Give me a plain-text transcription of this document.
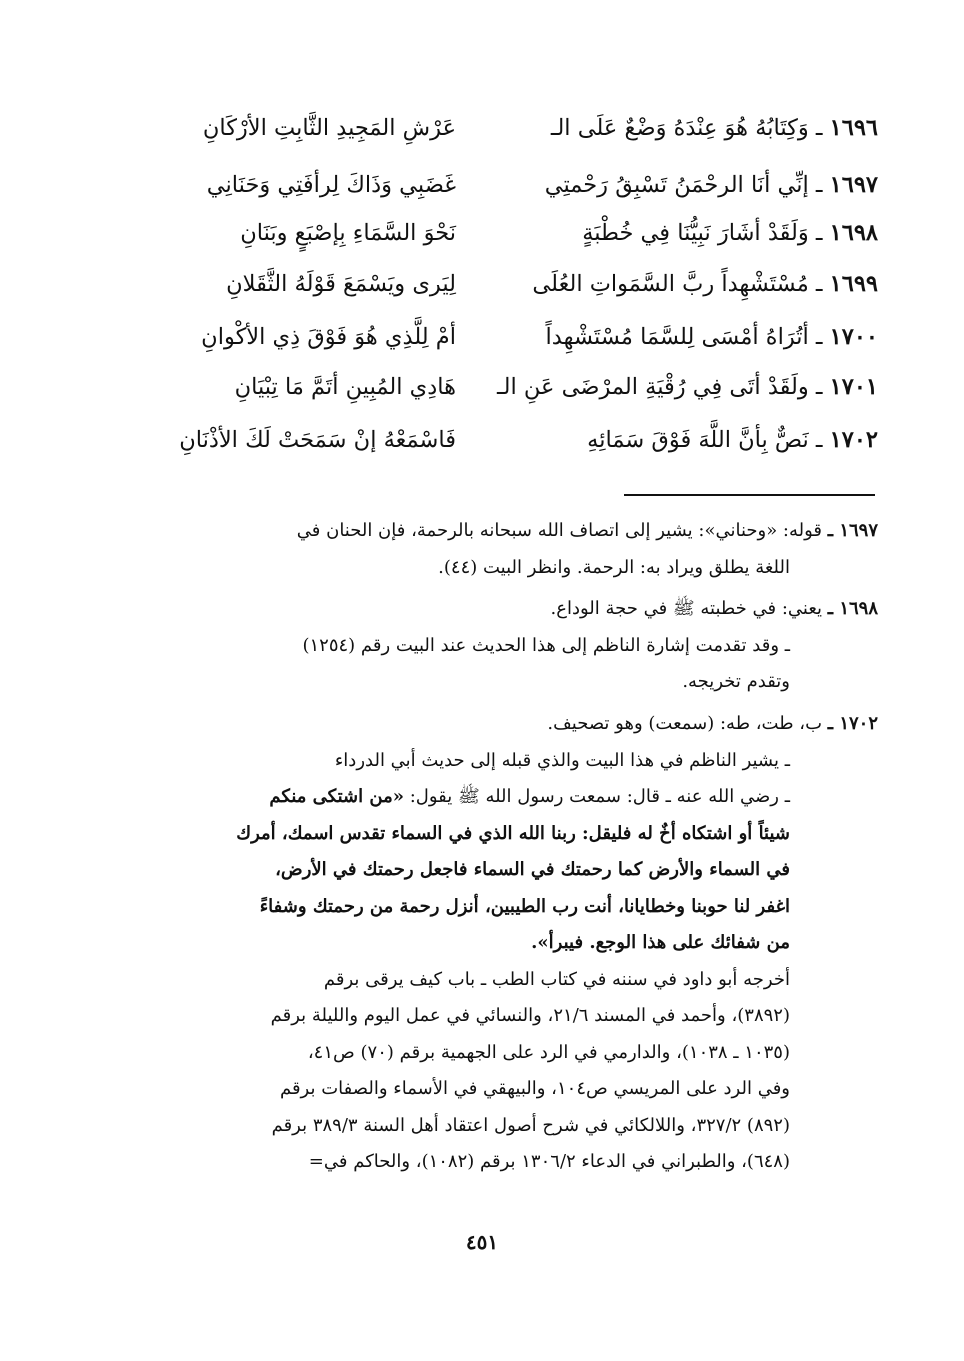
١٦٩٦ ـ وَكِتَابُهُ هُوَ عِنْدَهُ وَضْعٌ عَلَى الـ
عَرْشِ المَجِيدِ الثَّابِتِ الأرْكَانِ
١٦٩٧ ـ إنِّي أنَا الرحْمَنُ تَسْبِقُ رَحْمتِي
غَضَبِي وَذَاكَ لِرأفَتِي وَحَنَانِي
١٦٩٨ ـ وَلَقَدْ أشَارَ نَبِيُّنَا فِي خُطْبَةٍ
نَحْوَ السَّمَاءِ بِإصْبَعٍ وبَنَانِ
١٦٩٩ ـ مُسْتَشْهِداً ربَّ السَّمَواتِ العُلَى
لِيَرى ويَسْمَعَ قَوْلَهُ الثَّقَلانِ
١٧٠٠ ـ أتُرَاهُ أمْسَى لِلسَّمَا مُسْتَشْهِداً
أمْ لِلَّذِي هُوَ فَوْقَ ذِي الأكْوانِ
١٧٠١ ـ ولَقَدْ أتَى فِي رُقْيَةِ المرْضَى عَنِ الـ
هَادِي المُبِينِ أتَمَّ مَا تِبْيَانِ
١٧٠٢ ـ نَصٌّ بِأنَّ اللَّهَ فَوْقَ سَمَائِهِ
فَاسْمَعْهُ إنْ سَمَحَتْ لَكَ الأذْنَانِ
١٦٩٧ ـ قوله: «وحناني»: يشير إلى اتصاف الله سبحانه بالرحمة، فإن الحنان في
اللغة يطلق ويراد به: الرحمة. وانظر البيت (٤٤).
١٦٩٨ ـ يعني: في خطبته ﷺ في حجة الوداع.
ـ وقد تقدمت إشارة الناظم إلى هذا الحديث عند البيت رقم (١٢٥٤)
وتقدم تخريجه.
١٧٠٢ ـ ب، طت، طه: (سمعت) وهو تصحيف.
ـ يشير الناظم في هذا البيت والذي قبله إلى حديث أبي الدرداء
ـ رضي الله عنه ـ قال: سمعت رسول الله ﷺ يقول: «من اشتكى منكم
شيئاً أو اشتكاه أخٌ له فليقل: ربنا الله الذي في السماء تقدس اسمك، أمرك
في السماء والأرض كما رحمتك في السماء فاجعل رحمتك في الأرض،
اغفر لنا حوبنا وخطايانا، أنت رب الطيبين، أنزل رحمة من رحمتك وشفاءً
من شفائك على هذا الوجع. فيبرأ».
أخرجه أبو داود في سننه في كتاب الطب ـ باب كيف يرقى برقم
(٣٨٩٢)، وأحمد في المسند ٢١/٦، والنسائي في عمل اليوم والليلة برقم
(١٠٣٥ ـ ١٠٣٨)، والدارمي في الرد على الجهمية برقم (٧٠) ص٤١،
وفي الرد على المريسي ص١٠٤، والبيهقي في الأسماء والصفات برقم
(٨٩٢) ٣٢٧/٢، واللالكائي في شرح أصول اعتقاد أهل السنة ٣٨٩/٣ برقم
(٦٤٨)، والطبراني في الدعاء ١٣٠٦/٢ برقم (١٠٨٢)، والحاكم في=
٤٥١
